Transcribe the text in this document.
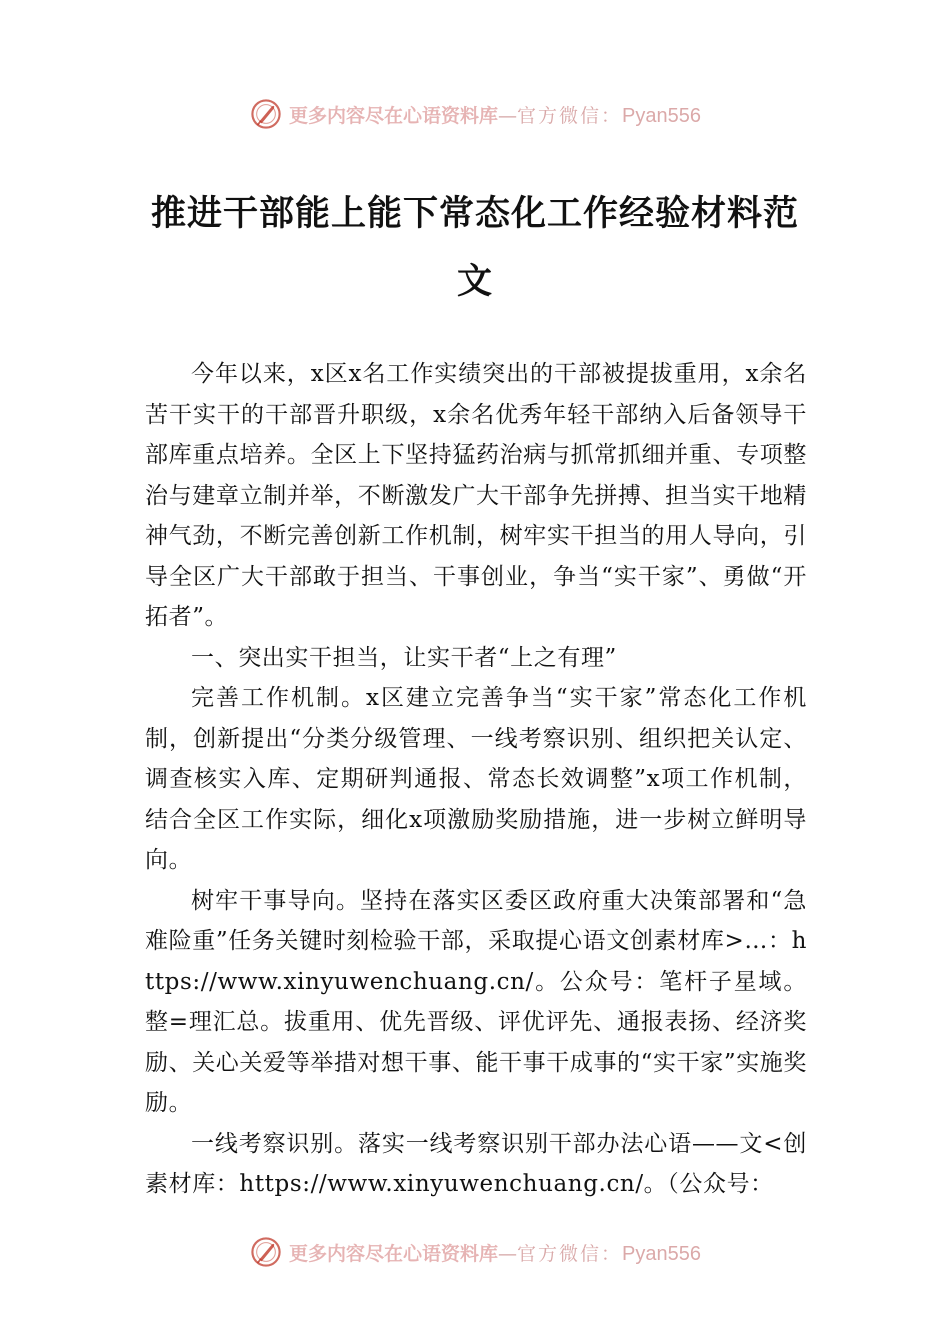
更多内容尽在心语资料库 — 官方微信： Pyan556
推进干部能上能下常态化工作经验材料范文

今年以来，x区x名工作实绩突出的干部被提拔重用，x余名苦干实干的干部晋升职级，x余名优秀年轻干部纳入后备领导干部库重点培养。全区上下坚持猛药治病与抓常抓细并重、专项整治与建章立制并举，不断激发广大干部争先拼搏、担当实干地精神气劲，不断完善创新工作机制，树牢实干担当的用人导向，引导全区广大干部敢于担当、干事创业，争当“实干家”、勇做“开拓者”。

一、突出实干担当，让实干者“上之有理”

完善工作机制。x区建立完善争当“实干家”常态化工作机制，创新提出“分类分级管理、一线考察识别、组织把关认定、调查核实入库、定期研判通报、常态长效调整”x项工作机制，结合全区工作实际，细化x项激励奖励措施，进一步树立鲜明导向。

树牢干事导向。坚持在落实区委区政府重大决策部署和“急难险重”任务关键时刻检验干部，采取提心语文创素材库>…：https://www.xinyuwenchuang.cn/。公众号：笔杆子星域。整=理汇总。拔重用、优先晋级、评优评先、通报表扬、经济奖励、关心关爱等举措对想干事、能干事干成事的“实干家”实施奖励。

一线考察识别。落实一线考察识别干部办法心语——文<创素材库：https://www.xinyuwenchuang.cn/。（公众号：

更多内容尽在心语资料库 — 官方微信： Pyan556
